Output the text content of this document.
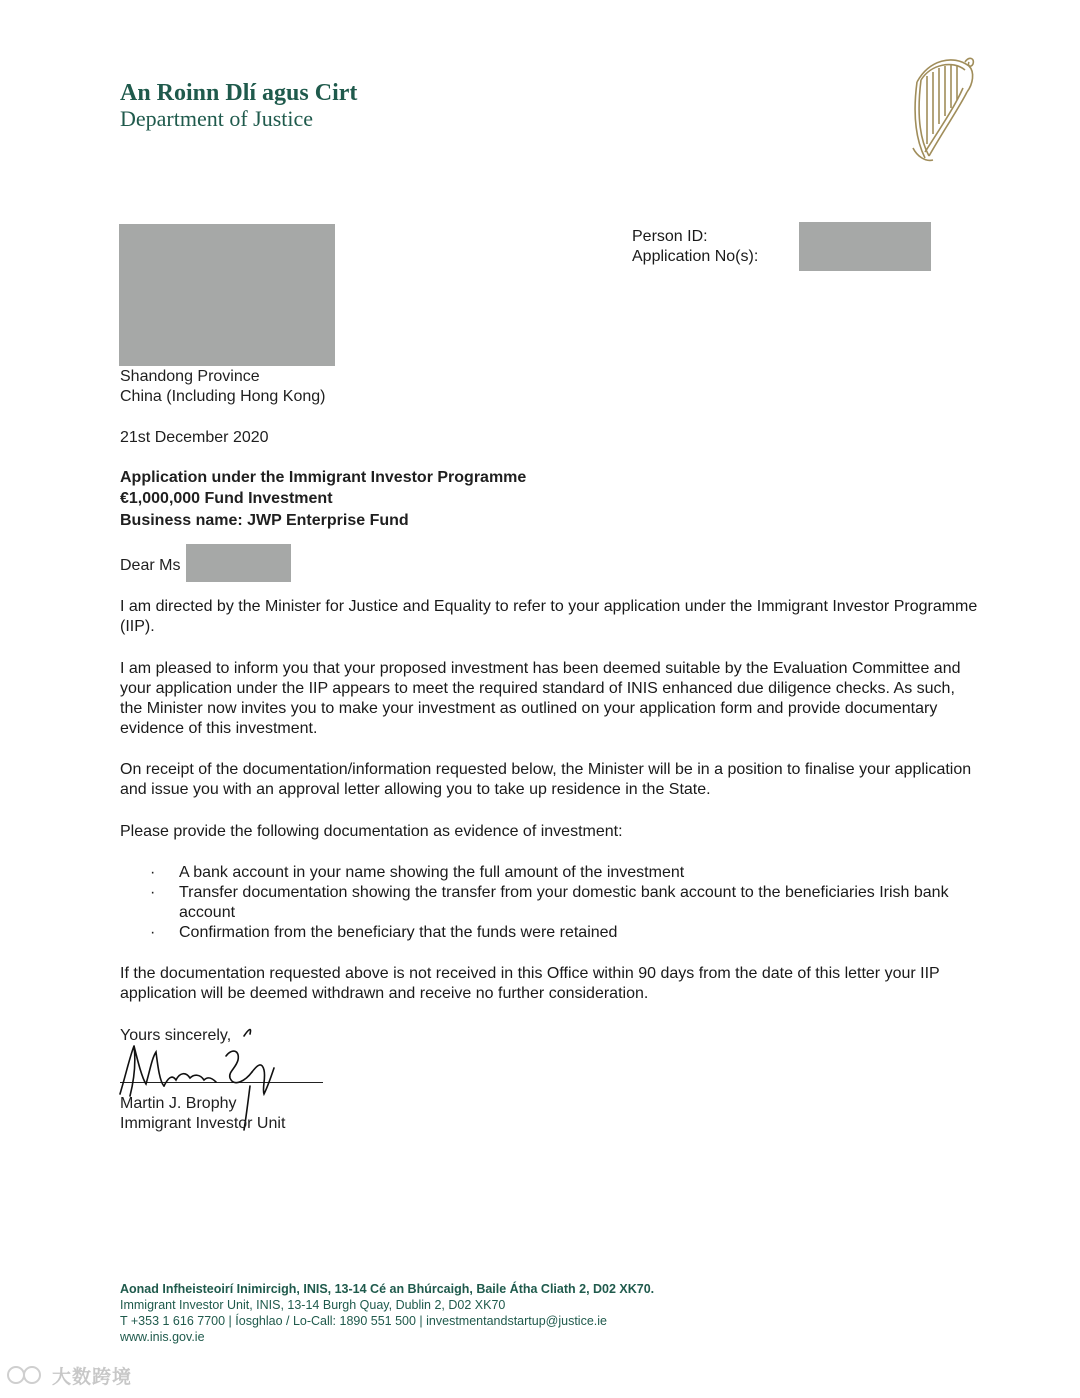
An Roinn Dlí agus Cirt
Department of Justice
Person ID:
Application No(s):
Shandong Province
China (Including Hong Kong)
21st December 2020
Application under the Immigrant Investor Programme
€1,000,000 Fund Investment
Business name: JWP Enterprise Fund
Dear Ms
I am directed by the Minister for Justice and Equality to refer to your application under the Immigrant Investor Programme (IIP).
I am pleased to inform you that your proposed investment has been deemed suitable by the Evaluation Committee and your application under the IIP appears to meet the required standard of INIS enhanced due diligence checks. As such, the Minister now invites you to make your investment as outlined on your application form and provide documentary evidence of this investment.
On receipt of the documentation/information requested below, the Minister will be in a position to finalise your application and issue you with an approval letter allowing you to take up residence in the State.
Please provide the following documentation as evidence of investment:
·	A bank account in your name showing the full amount of the investment
·	Transfer documentation showing the transfer from your domestic bank account to the beneficiaries Irish bank account
·	Confirmation from the beneficiary that the funds were retained
If the documentation requested above is not received in this Office within 90 days from the date of this letter your IIP application will be deemed withdrawn and receive no further consideration.
Yours sincerely,
Martin J. Brophy
Immigrant Investor Unit
Aonad Infheisteoirí Inimircigh, INIS, 13-14 Cé an Bhúrcaigh, Baile Átha Cliath 2, D02 XK70.
Immigrant Investor Unit, INIS, 13-14 Burgh Quay, Dublin 2, D02 XK70
T +353 1 616 7700 | Íosghlao / Lo-Call: 1890 551 500 | investmentandstartup@justice.ie
www.inis.gov.ie
大数跨境
